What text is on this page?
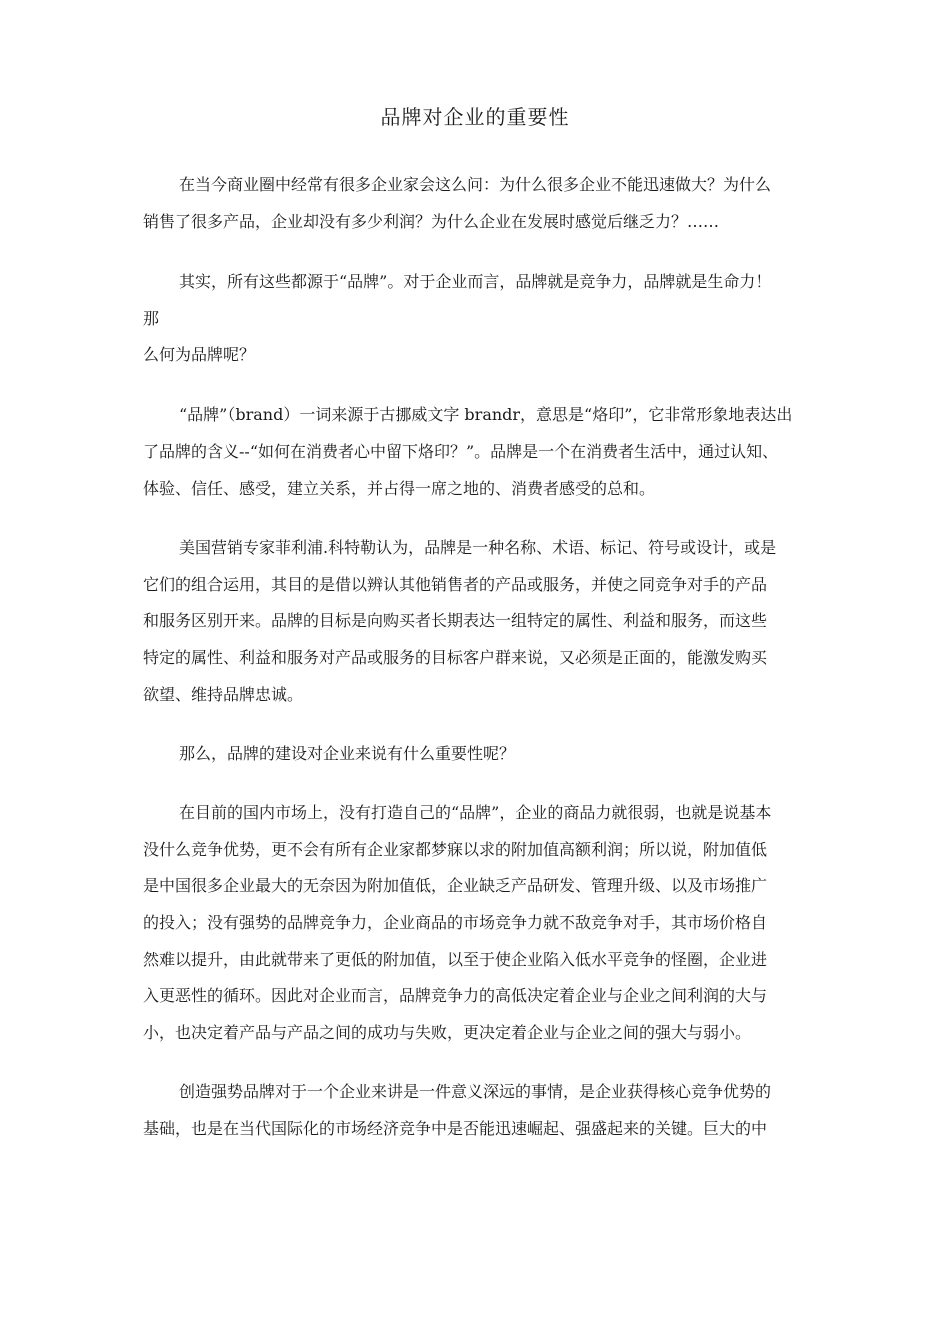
品牌对企业的重要性

在当今商业圈中经常有很多企业家会这么问：为什么很多企业不能迅速做大？为什么

销售了很多产品，企业却没有多少利润？为什么企业在发展时感觉后继乏力？……

其实，所有这些都源于“品牌”。对于企业而言，品牌就是竞争力，品牌就是生命力！

那

么何为品牌呢？

“品牌”（brand）一词来源于古挪威文字 brandr，意思是“烙印”，它非常形象地表达出

了品牌的含义--“如何在消费者心中留下烙印？”。品牌是一个在消费者生活中，通过认知、

体验、信任、感受，建立关系，并占得一席之地的、消费者感受的总和。

美国营销专家菲利浦.科特勒认为，品牌是一种名称、术语、标记、符号或设计，或是

它们的组合运用，其目的是借以辨认其他销售者的产品或服务，并使之同竞争对手的产品

和服务区别开来。品牌的目标是向购买者长期表达一组特定的属性、利益和服务，而这些

特定的属性、利益和服务对产品或服务的目标客户群来说，又必须是正面的，能激发购买

欲望、维持品牌忠诚。

那么，品牌的建设对企业来说有什么重要性呢？

在目前的国内市场上，没有打造自己的“品牌”，企业的商品力就很弱，也就是说基本

没什么竞争优势，更不会有所有企业家都梦寐以求的附加值高额利润；所以说，附加值低

是中国很多企业最大的无奈因为附加值低，企业缺乏产品研发、管理升级、以及市场推广

的投入；没有强势的品牌竞争力，企业商品的市场竞争力就不敌竞争对手，其市场价格自

然难以提升，由此就带来了更低的附加值，以至于使企业陷入低水平竞争的怪圈，企业进

入更恶性的循环。因此对企业而言，品牌竞争力的高低决定着企业与企业之间利润的大与

小，也决定着产品与产品之间的成功与失败，更决定着企业与企业之间的强大与弱小。

创造强势品牌对于一个企业来讲是一件意义深远的事情，是企业获得核心竞争优势的

基础，也是在当代国际化的市场经济竞争中是否能迅速崛起、强盛起来的关键。巨大的中
